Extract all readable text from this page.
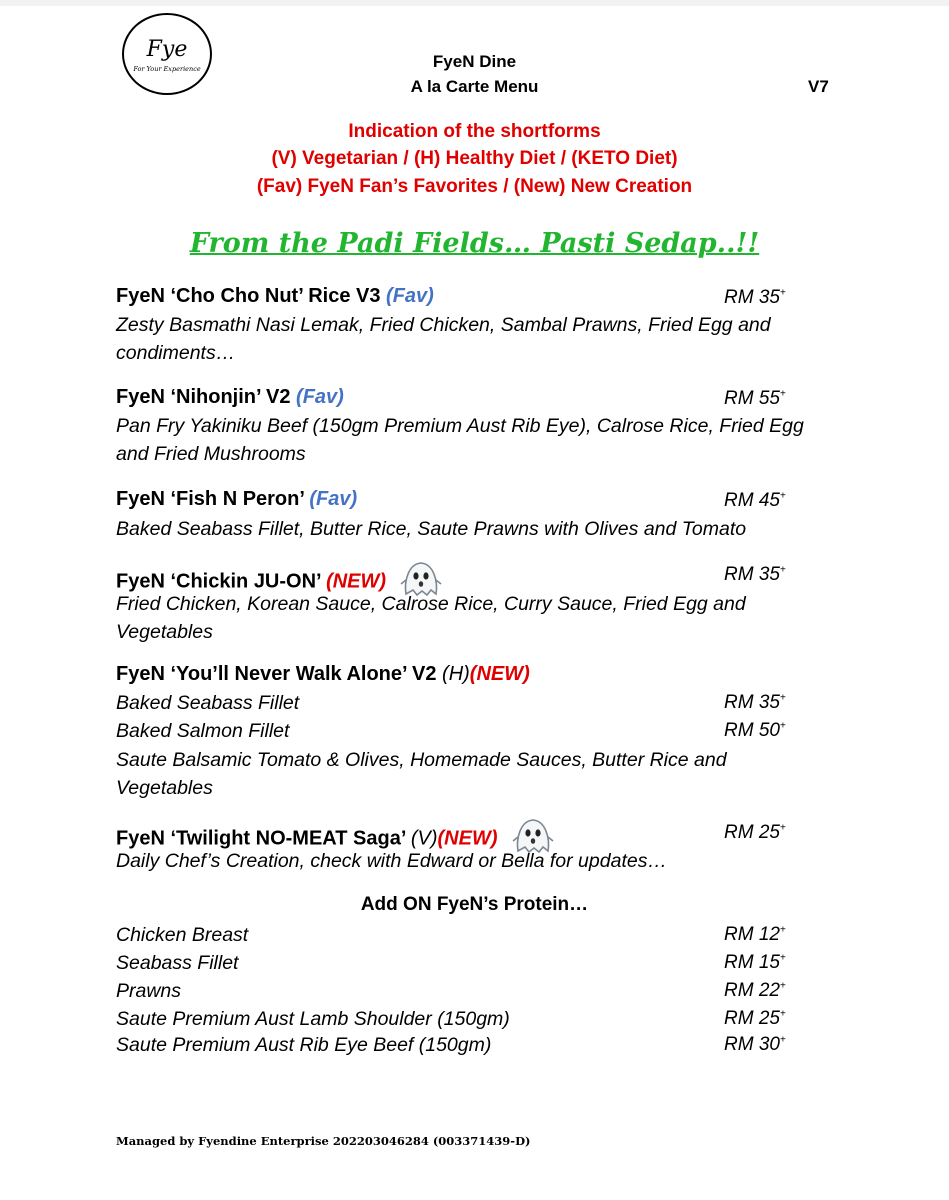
Fye
For Your Experience	FyeN Dine
A la Carte Menu	V7
Indication of the shortforms
(V) Vegetarian / (H) Healthy Diet / (KETO Diet)
(Fav) FyeN Fan’s Favorites / (New) New Creation
From the Padi Fields… Pasti Sedap..!!
FyeN ‘Cho Cho Nut’ Rice V3 (Fav)	RM 35+
Zesty Basmathi Nasi Lemak, Fried Chicken, Sambal Prawns, Fried Egg and condiments…
FyeN ‘Nihonjin’ V2 (Fav)	RM 55+
Pan Fry Yakiniku Beef (150gm Premium Aust Rib Eye), Calrose Rice, Fried Egg and Fried Mushrooms
FyeN ‘Fish N Peron’ (Fav)	RM 45+
Baked Seabass Fillet, Butter Rice, Saute Prawns with Olives and Tomato
FyeN ‘Chickin JU-ON’ (NEW)	RM 35+
Fried Chicken, Korean Sauce, Calrose Rice, Curry Sauce, Fried Egg and Vegetables
FyeN ‘You’ll Never Walk Alone’ V2 (H)(NEW)
Baked Seabass Fillet	RM 35+
Baked Salmon Fillet	RM 50+
Saute Balsamic Tomato & Olives, Homemade Sauces, Butter Rice and Vegetables
FyeN ‘Twilight NO-MEAT Saga’ (V)(NEW)	RM 25+
Daily Chef’s Creation, check with Edward or Bella for updates…
Add ON FyeN’s Protein…
Chicken Breast	RM 12+
Seabass Fillet	RM 15+
Prawns	RM 22+
Saute Premium Aust Lamb Shoulder (150gm)	RM 25+
Saute Premium Aust Rib Eye Beef (150gm)	RM 30+
Managed by Fyendine Enterprise 202203046284 (003371439-D)
